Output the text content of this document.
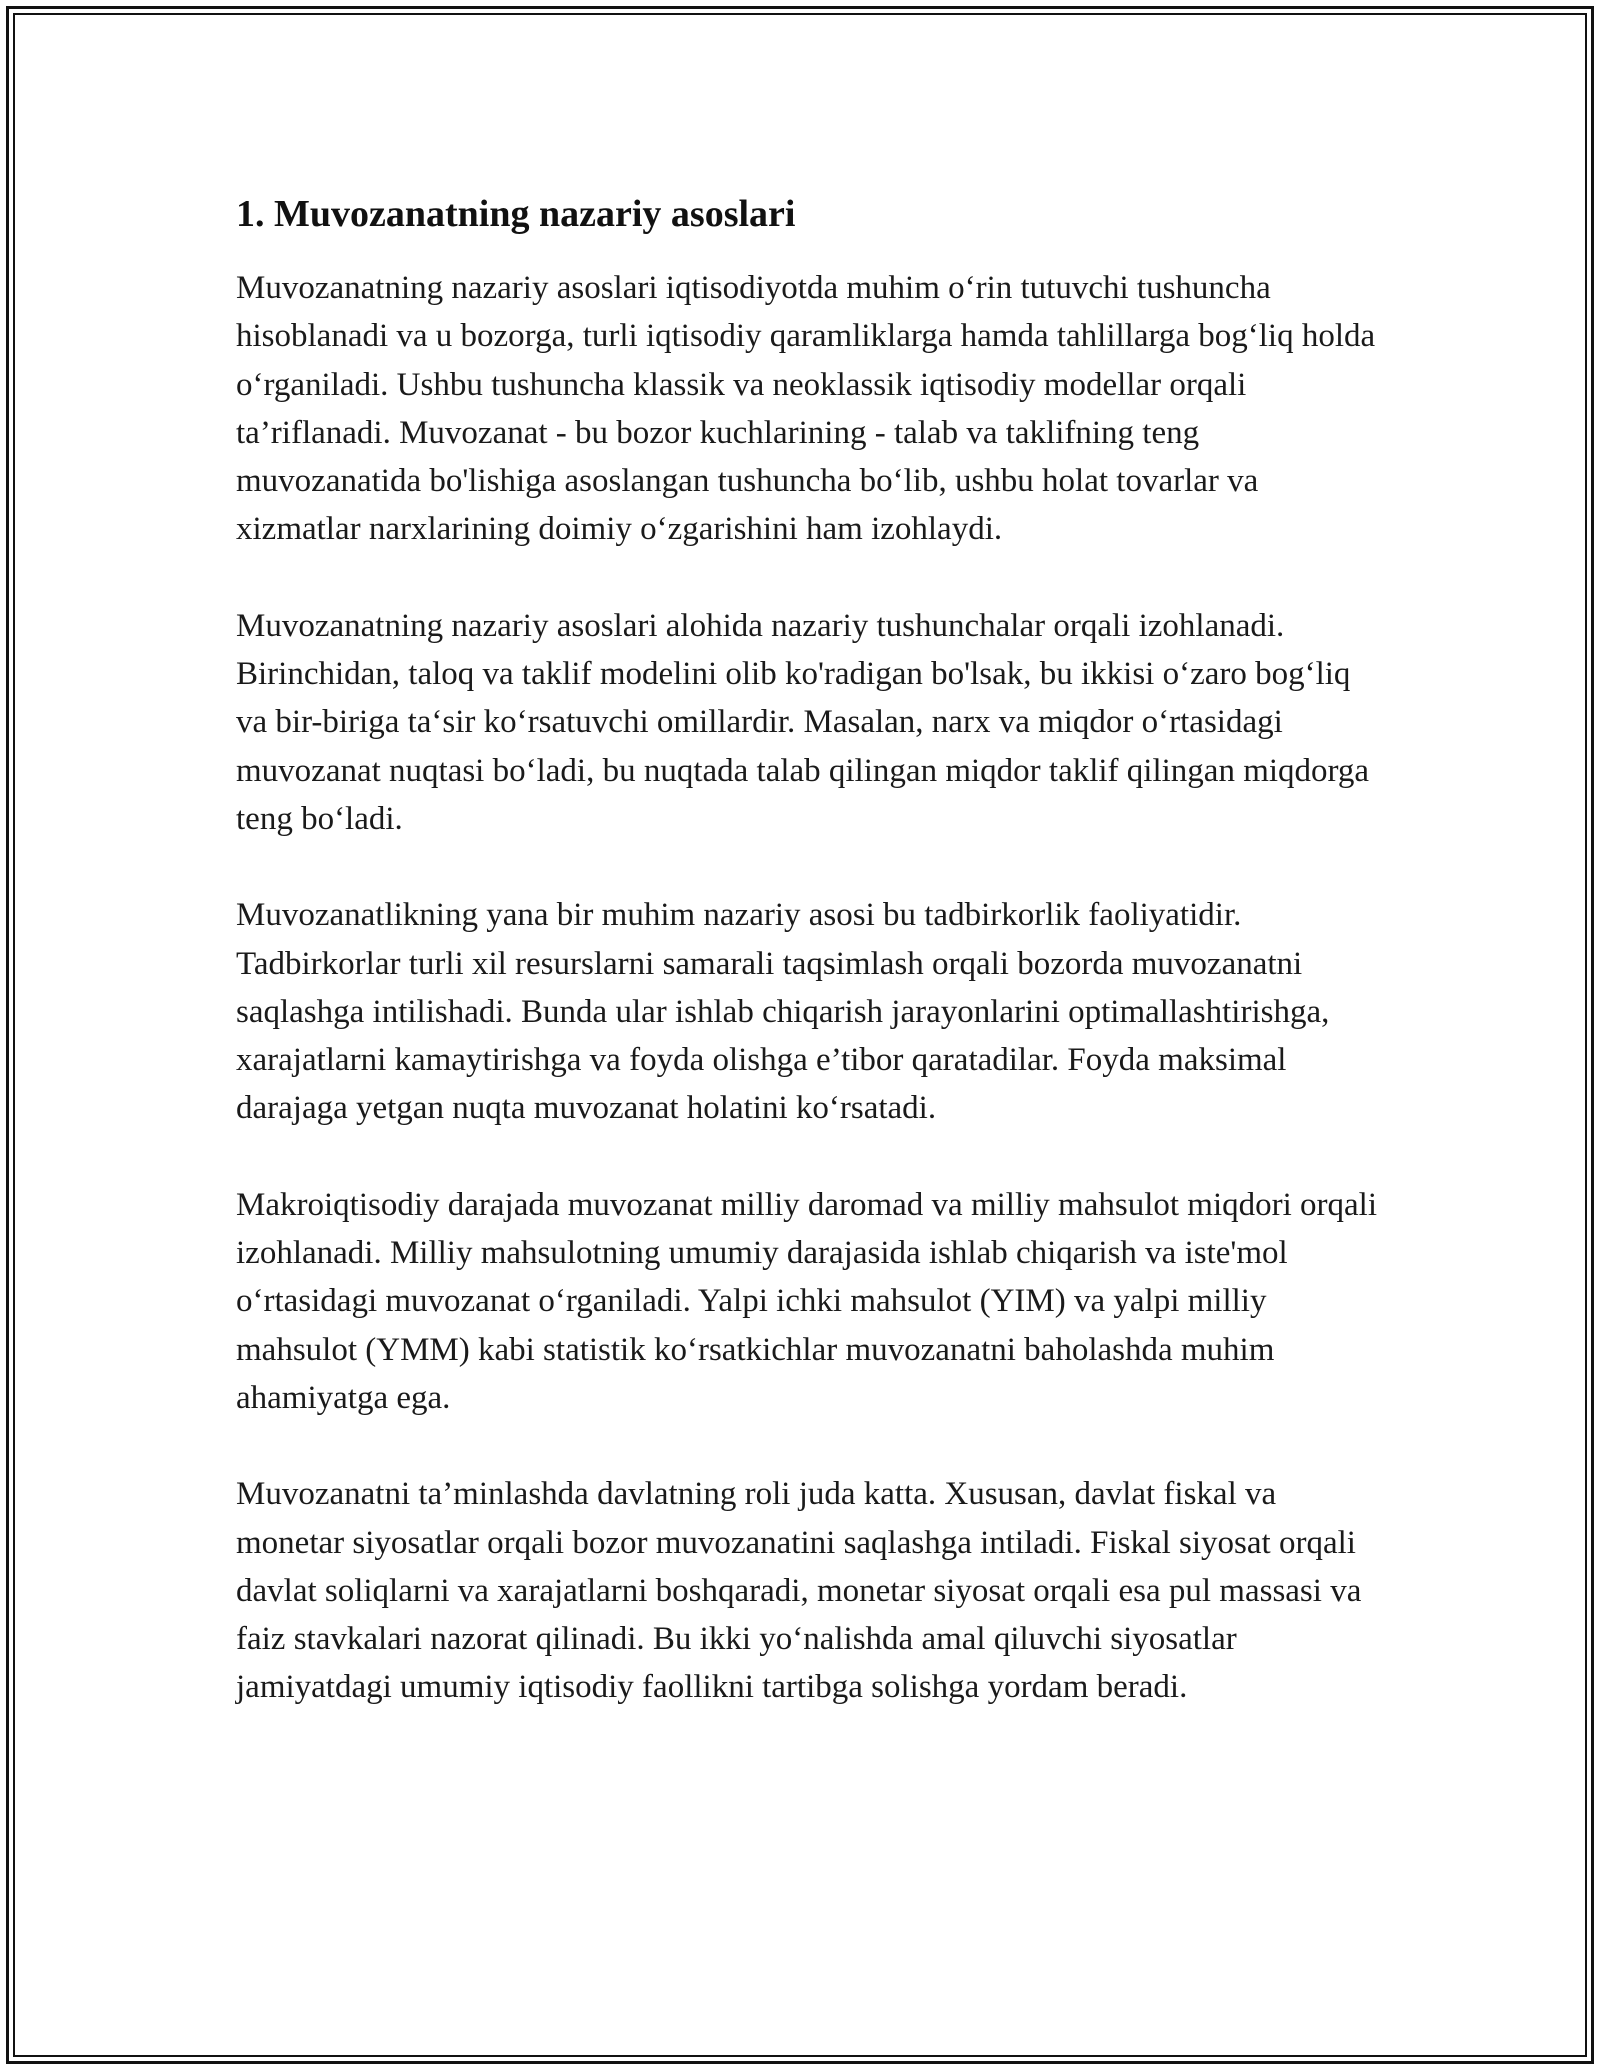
1. Muvozanatning nazariy asoslari

Muvozanatning nazariy asoslari iqtisodiyotda muhim o‘rin tutuvchi tushuncha hisoblanadi va u bozorga, turli iqtisodiy qaramliklarga hamda tahlillarga bog‘liq holda o‘rganiladi. Ushbu tushuncha klassik va neoklassik iqtisodiy modellar orqali ta’riflanadi. Muvozanat - bu bozor kuchlarining - talab va taklifning teng muvozanatida bo'lishiga asoslangan tushuncha bo‘lib, ushbu holat tovarlar va xizmatlar narxlarining doimiy o‘zgarishini ham izohlaydi.

Muvozanatning nazariy asoslari alohida nazariy tushunchalar orqali izohlanadi. Birinchidan, taloq va taklif modelini olib ko'radigan bo'lsak, bu ikkisi o‘zaro bog‘liq va bir-biriga ta‘sir ko‘rsatuvchi omillardir. Masalan, narx va miqdor o‘rtasidagi muvozanat nuqtasi bo‘ladi, bu nuqtada talab qilingan miqdor taklif qilingan miqdorga teng bo‘ladi.

Muvozanatlikning yana bir muhim nazariy asosi bu tadbirkorlik faoliyatidir. Tadbirkorlar turli xil resurslarni samarali taqsimlash orqali bozorda muvozanatni saqlashga intilishadi. Bunda ular ishlab chiqarish jarayonlarini optimallashtirishga, xarajatlarni kamaytirishga va foyda olishga e’tibor qaratadilar. Foyda maksimal darajaga yetgan nuqta muvozanat holatini ko‘rsatadi.

Makroiqtisodiy darajada muvozanat milliy daromad va milliy mahsulot miqdori orqali izohlanadi. Milliy mahsulotning umumiy darajasida ishlab chiqarish va iste'mol o‘rtasidagi muvozanat o‘rganiladi. Yalpi ichki mahsulot (YIM) va yalpi milliy mahsulot (YMM) kabi statistik ko‘rsatkichlar muvozanatni baholashda muhim ahamiyatga ega.

Muvozanatni ta’minlashda davlatning roli juda katta. Xususan, davlat fiskal va monetar siyosatlar orqali bozor muvozanatini saqlashga intiladi. Fiskal siyosat orqali davlat soliqlarni va xarajatlarni boshqaradi, monetar siyosat orqali esa pul massasi va faiz stavkalari nazorat qilinadi. Bu ikki yo‘nalishda amal qiluvchi siyosatlar jamiyatdagi umumiy iqtisodiy faollikni tartibga solishga yordam beradi.
